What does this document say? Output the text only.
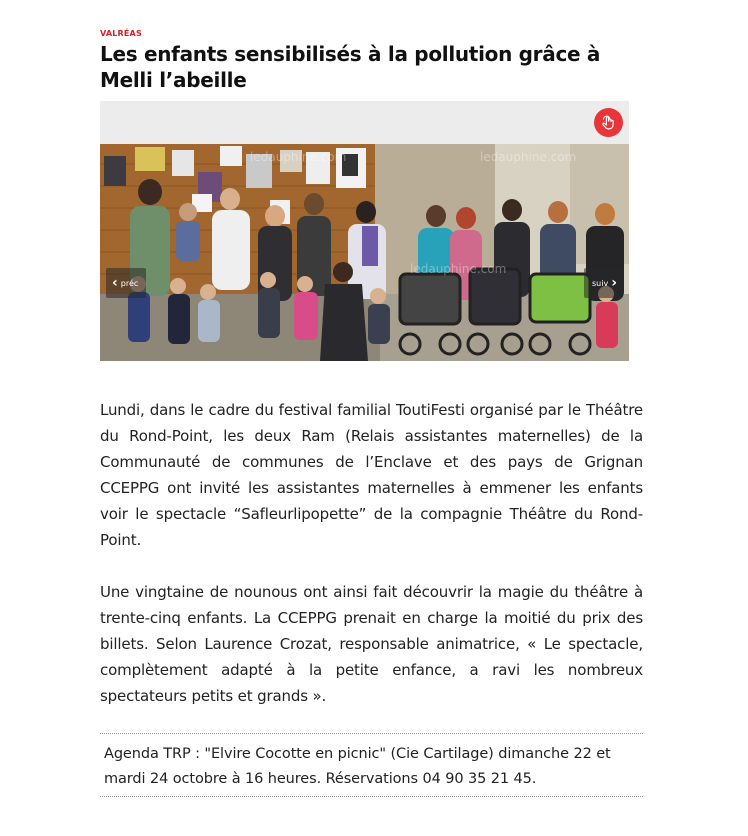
VALRÉAS
Les enfants sensibilisés à la pollution grâce à Melli l’abeille
ledauphine.com
ledauphine.com
ledauphine.com
‹ préc	suiv ›

Lundi, dans le cadre du festival familial ToutiFesti organisé par le Théâtre du Rond-Point, les deux Ram (Relais assistantes maternelles) de la Communauté de communes de l’Enclave et des pays de Grignan CCEPPG ont invité les assistantes maternelles à emmener les enfants voir le spectacle “Safleurlipopette” de la compagnie Théâtre du Rond-Point.

Une vingtaine de nounous ont ainsi fait découvrir la magie du théâtre à trente-cinq enfants. La CCEPPG prenait en charge la moitié du prix des billets. Selon Laurence Crozat, responsable animatrice, « Le spectacle, complètement adapté à la petite enfance, a ravi les nombreux spectateurs petits et grands ».

Agenda TRP : "Elvire Cocotte en picnic" (Cie Cartilage) dimanche 22 et mardi 24 octobre à 16 heures. Réservations 04 90 35 21 45.
